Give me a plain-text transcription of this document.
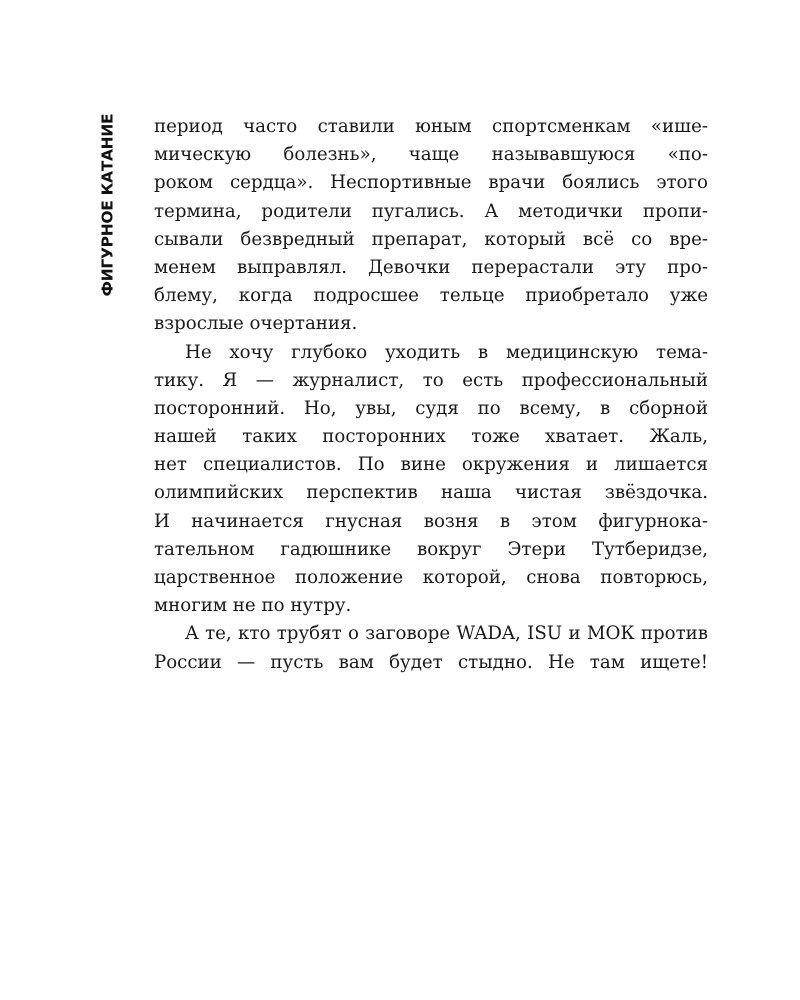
ФИГУРНОЕ КАТАНИЕ период часто ставили юным спортсменкам «ише-
мическую болезнь», чаще называвшуюся «по-
роком сердца». Неспортивные врачи боялись этого
термина, родители пугались. А методички пропи-
сывали безвредный препарат, который всё со вре-
менем выправлял. Девочки перерастали эту про-
блему, когда подросшее тельце приобретало уже
взрослые очертания.
Не хочу глубоко уходить в медицинскую тема-
тику. Я — журналист, то есть профессиональный
посторонний. Но, увы, судя по всему, в сборной
нашей таких посторонних тоже хватает. Жаль,
нет специалистов. По вине окружения и лишается
олимпийских перспектив наша чистая звёздочка.
И начинается гнусная возня в этом фигурнока-
тательном гадюшнике вокруг Этери Тутберидзе,
царственное положение которой, снова повторюсь,
многим не по нутру.
А те, кто трубят о заговоре WADA, ISU и МОК против
России — пусть вам будет стыдно. Не там ищете!
